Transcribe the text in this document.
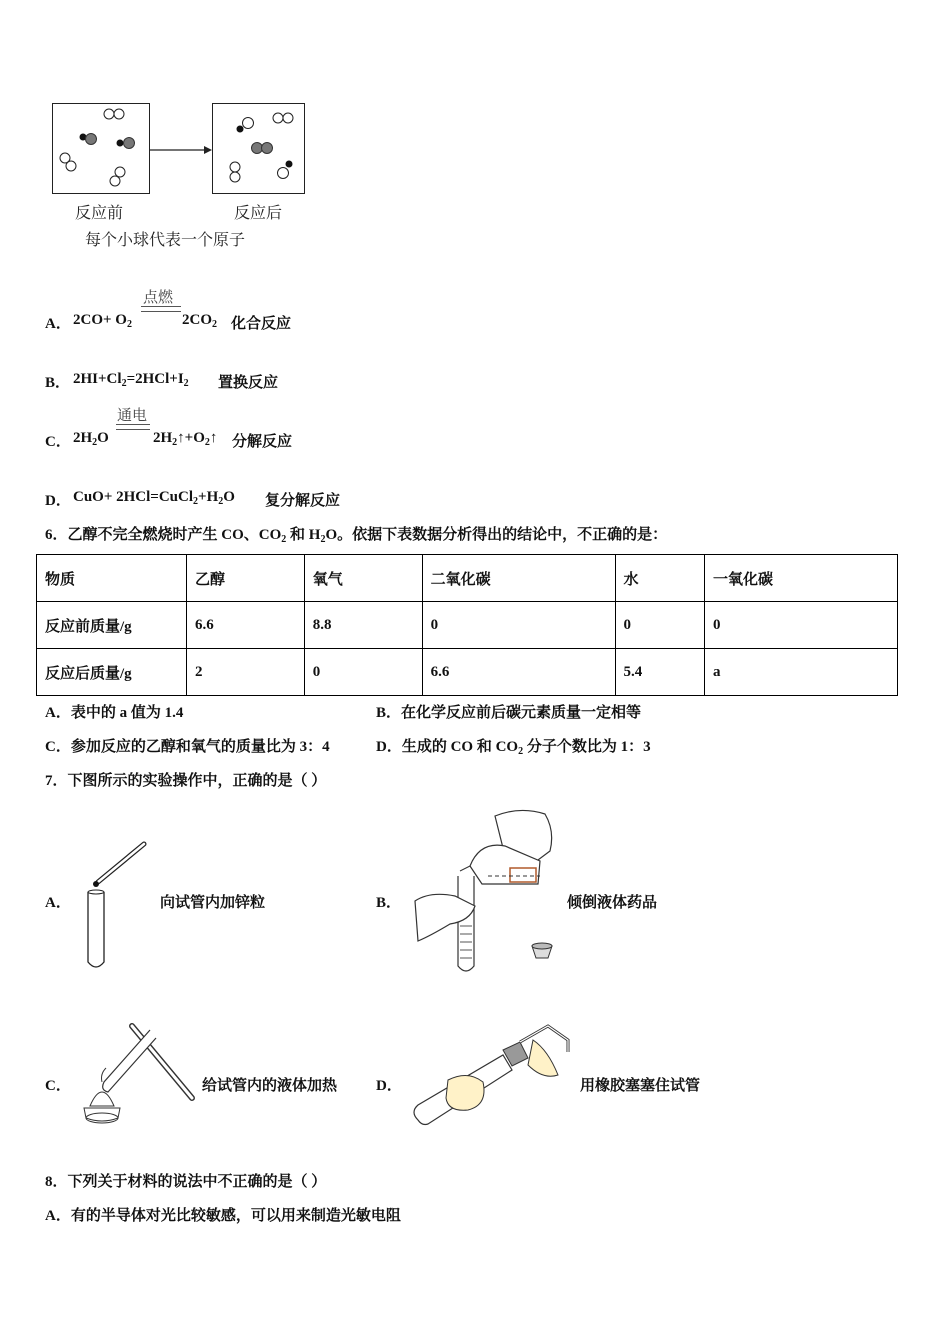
反应前	反应后
每个小球代表一个原子
点燃
A． $2CO+ O_2$	$2CO_2$ 化合反应
B． $2HI+Cl_2=2HCl+I_2$ 置换反应
通电
C． $2H_2O$	$2H_2↑+O_2↑$ 分解反应
D． $CuO+ 2HCl=CuCl_2+H_2O$ 复分解反应
6．乙醇不完全燃烧时产生 CO、$CO_2$ 和 $H_2O$。依据下表数据分析得出的结论中，不正确的是：
物质	乙醇	氧气	二氧化碳	水	一氧化碳
反应前质量/g	6.6	8.8	0	0	0
反应后质量/g	2	0	6.6	5.4	a
A．表中的 a 值为 1.4	B．在化学反应前后碳元素质量一定相等
C．参加反应的乙醇和氧气的质量比为 3：4	D．生成的 CO 和 $CO_2$ 分子个数比为 1：3
7．下图所示的实验操作中，正确的是（ ）
A．	向试管内加锌粒	B．	倾倒液体药品
C．	给试管内的液体加热	D．	用橡胶塞塞住试管
8．下列关于材料的说法中不正确的是（ ）
A．有的半导体对光比较敏感，可以用来制造光敏电阻
